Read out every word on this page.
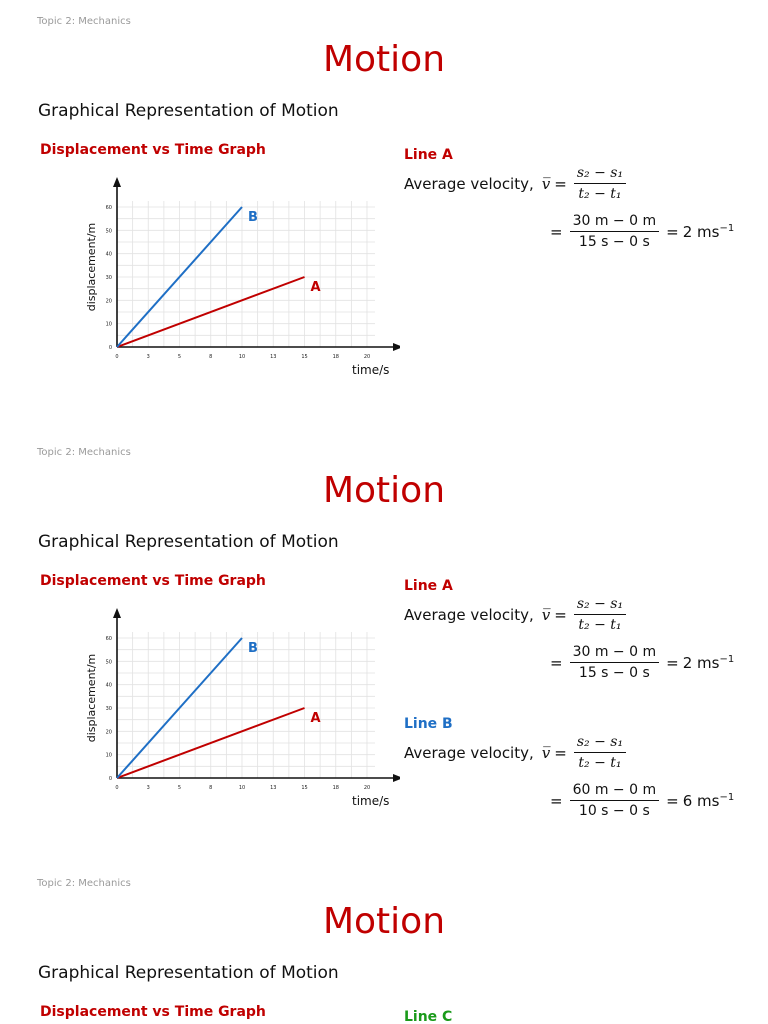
Topic 2: Mechanics
Motion
Graphical Representation of Motion
Displacement vs Time Graph
0	3	5	8	10	13	15	18	20
0
10
20
30
40
50
60
time/s
displacement/m	A
B
Line A
Average velocity, v̅ = $\frac{\text{s₂ − s₁}}{\text{t₂ − t₁}}$
= $\frac{30 m - 0 m}{15 s - 0 s} = 2$ $ms^{-1}$
Topic 2: Mechanics
Motion
Graphical Representation of Motion
Displacement vs Time Graph
0	3	5	8	10	13	15	18	20
0
10
20
30
40
50
60
time/s
displacement/m	A
B
Line A
Average velocity, v̅ = $\frac{\text{s₂ − s₁}}{\text{t₂ − t₁}}$
= $\frac{30 m - 0 m}{15 s - 0 s} = 2$ $ms^{-1}$
Line B
Average velocity, v̅ = $\frac{\text{s₂ − s₁}}{\text{t₂ − t₁}}$
= $\frac{60 m - 0 m}{10 s - 0 s} = 6$ $ms^{-1}$
Topic 2: Mechanics
Motion
Graphical Representation of Motion
Displacement vs Time Graph	Line C
